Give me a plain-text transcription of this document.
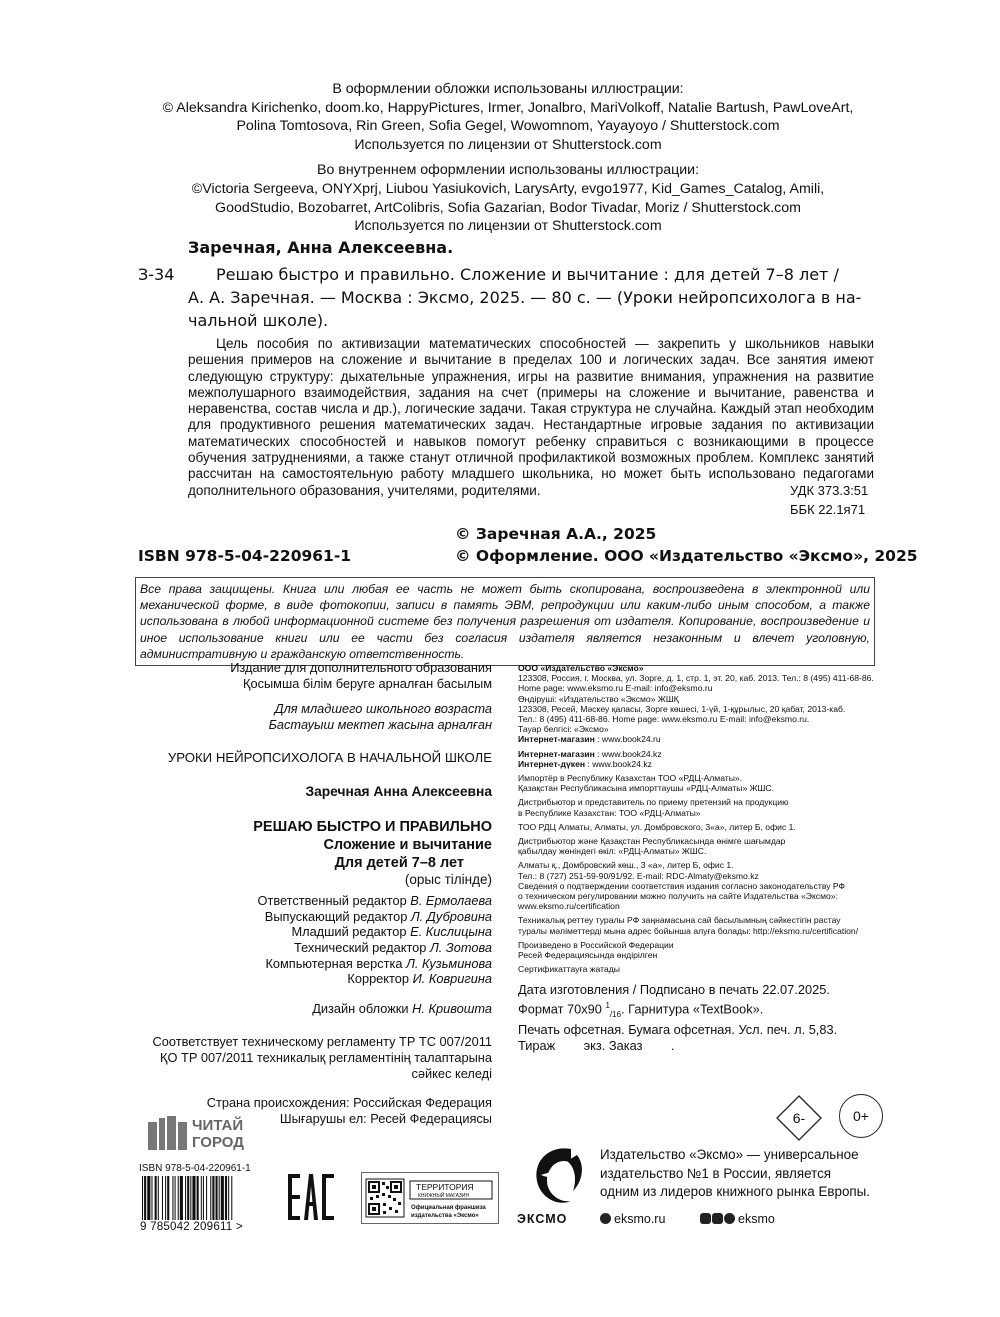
В оформлении обложки использованы иллюстрации:

© Aleksandra Kirichenko, doom.ko, HappyPictures, Irmer, Jonalbro, MariVolkoff, Natalie Bartush, PawLoveArt,

Polina Tomtosova, Rin Green, Sofia Gegel, Wowomnom, Yayayoyo / Shutterstock.com

Используется по лицензии от Shutterstock.com

Во внутреннем оформлении использованы иллюстрации:

©Victoria Sergeeva, ONYXprj, Liubou Yasiukovich, LarysArty, evgo1977, Kid_Games_Catalog, Amili,

GoodStudio, Bozobarret, ArtColibris, Sofia Gazarian, Bodor Tivadar, Moriz / Shutterstock.com

Используется по лицензии от Shutterstock.com

Заречная, Анна Алексеевна.
З-34	Решаю быстро и правильно. Сложение и вычитание : для детей 7–8 лет /
А. А. Заречная. — Москва : Эксмо, 2025. — 80 с. — (Уроки нейропсихолога в на-
чальной школе).
Цель пособия по активизации математических способностей — закрепить у школьников навыки решения примеров на сложение и вычитание в пределах 100 и логических задач. Все занятия имеют следующую структуру: дыхательные упражнения, игры на развитие внимания, упражнения на развитие межполушарного взаимодействия, задания на счет (примеры на сложение и вычитание, равенства и неравенства, состав числа и др.), логические задачи. Такая структура не случайна. Каждый этап необходим для продуктивного решения математических задач. Нестандартные игровые задания по активизации математических способностей и навыков помогут ребенку справиться с возникающими в процессе обучения затруднениями, а также станут отличной профилактикой возможных проблем. Комплекс занятий рассчитан на самостоятельную работу младшего школьника, но может быть использовано педагогами дополнительного образования, учителями, родителями.	УДК 373.3:51
ББК 22.1я71
© Заречная А.А., 2025
© Оформление. ООО «Издательство «Эксмо», 2025
ISBN 978-5-04-220961-1
Все права защищены. Книга или любая ее часть не может быть скопирована, воспроизведена в электронной или механической форме, в виде фотокопии, записи в память ЭВМ, репродукции или каким-либо иным способом, а также использована в любой информационной системе без получения разрешения от издателя. Копирование, воспроизведение и иное использование книги или ее части без согласия издателя является незаконным и влечет уголовную, административную и гражданскую ответственность.
Издание для дополнительного образования
Қосымша білім беруге арналған басылым
Для младшего школьного возраста
Бастауыш мектеп жасына арналған
УРОКИ НЕЙРОПСИХОЛОГА В НАЧАЛЬНОЙ ШКОЛЕ
Заречная Анна Алексеевна
РЕШАЮ БЫСТРО И ПРАВИЛЬНО
Сложение и вычитание
Для детей 7–8 лет
(орыс тілінде)
Ответственный редактор В. Ермолаева
Выпускающий редактор Л. Дубровина
Младший редактор Е. Кислицына
Технический редактор Л. Зотова
Компьютерная верстка Л. Кузьминова
Корректор И. Ковригина
Дизайн обложки Н. Кривошта
Соответствует техническому регламенту ТР ТС 007/2011
ҚО ТР 007/2011 техникалық регламентінің талаптарына
сәйкес келеді
Страна происхождения: Российская Федерация
Шығарушы ел: Ресей Федерациясы
ООО «Издательство «Эксмо»
123308, Россия, г. Москва, ул. Зорге, д. 1, стр. 1, эт. 20, каб. 2013. Тел.: 8 (495) 411-68-86.
Home page: www.eksmo.ru E-mail: info@eksmo.ru
Өндіруші: «Издательство «Эксмо» ЖШҚ
123308, Ресей, Мәскеу қаласы, Зорге көшесі, 1-үй, 1-құрылыс, 20 қабат, 2013-каб.
Тел.: 8 (495) 411-68-86. Home page: www.eksmo.ru E-mail: info@eksmo.ru.
Тауар белгісі: «Эксмо»
Интернет-магазин : www.book24.ru
Интернет-магазин : www.book24.kz
Интернет-дүкен : www.book24.kz
Импортёр в Республику Казахстан ТОО «РДЦ-Алматы».
Қазақстан Республикасына импорттаушы «РДЦ-Алматы» ЖШС.
Дистрибьютор и представитель по приему претензий на продукцию
в Республике Казахстан: ТОО «РДЦ-Алматы»
ТОО РДЦ Алматы, Алматы, ул. Домбровского, 3«а», литер Б, офис 1.
Дистрибьютор және Қазақстан Республикасында өнімге шағымдар
қабылдау жөніндегі өкіл: «РДЦ-Алматы» ЖШС.
Алматы қ., Домбровский көш., 3 «а», литер Б, офис 1.
Тел.: 8 (727) 251-59-90/91/92. E-mail: RDC-Almaty@eksmo.kz
Сведения о подтверждении соответствия издания согласно законодательству РФ
о техническом регулировании можно получить на сайте Издательства «Эксмо»:
www.eksmo.ru/certification
Техникалық реттеу туралы РФ заңнамасына сай басылымның сәйкестігін растау
туралы мәліметтерді мына адрес бойынша алуға болады: http://eksmo.ru/certification/
Произведено в Российской Федерации
Ресей Федерациясында өндірілген
Сертификаттауға жатады
Дата изготовления / Подписано в печать 22.07.2025.
Формат 70х90 $^1_{/16}$. Гарнитура «TextBook».
Печать офсетная. Бумага офсетная. Усл. печ. л. 5,83.
Тираж        экз. Заказ        .
ЧИТАЙ
ГОРОД
ISBN 978-5-04-220961-1
9 785042 209611 >
EAC
ТЕРРИТОРИЯ
КНИЖНЫЙ МАГАЗИН
Официальная франшиза
издательства «Эксмо»
6-	0+
ЭКСМО
Издательство «Эксмо» — универсальное
издательство №1 в России, является
одним из лидеров книжного рынка Европы.
eksmo.ru	eksmo
